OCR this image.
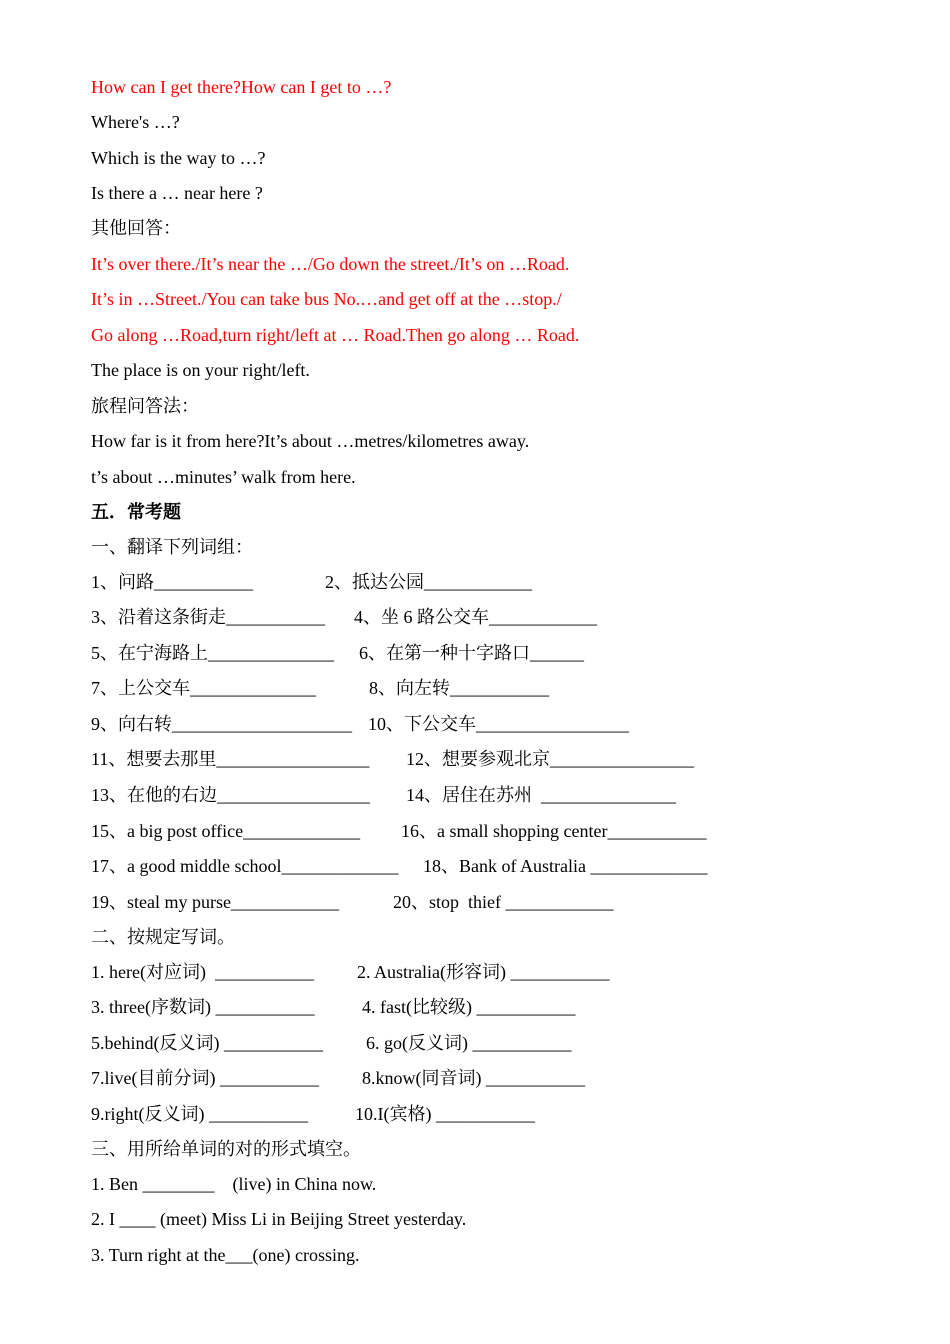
How can I get there?How can I get to …?
Where's …?
Which is the way to …?
Is there a … near here ?
其他回答：
It’s over there./It’s near the …/Go down the street./It’s on …Road.
It’s in …Street./You can take bus No.…and get off at the …stop./
Go along …Road,turn right/left at … Road.Then go along … Road.
The place is on your right/left.
旅程问答法：
How far is it from here?It’s about …metres/kilometres away.
t’s about …minutes’ walk from here.
五．常考题
一、翻译下列词组：
1、问路___________	2、抵达公园____________
3、沿着这条街走___________ 4、坐 6 路公交车____________
5、在宁海路上______________ 6、在第一种十字路口______
7、上公交车______________	8、向左转___________
9、向右转____________________ 10、下公交车_________________
11、想要去那里_________________ 12、想要参观北京________________
13、在他的右边_________________ 14、居住在苏州  _______________
15、a big post office_____________ 16、a small shopping center___________
17、a good middle school_____________ 18、Bank of Australia _____________
19、steal my purse____________	20、stop  thief ____________
二、按规定写词。
1. here(对应词)  ___________ 2. Australia(形容词) ___________
3. three(序数词) ___________	4. fast(比较级) ___________
5.behind(反义词) ___________ 6. go(反义词) ___________
7.live(目前分词) ___________ 8.know(同音词) ___________
9.right(反义词) ___________	10.I(宾格) ___________
三、用所给单词的对的形式填空。
1. Ben ________    (live) in China now.
2. I ____ (meet) Miss Li in Beijing Street yesterday.
3. Turn right at the___(one) crossing.
